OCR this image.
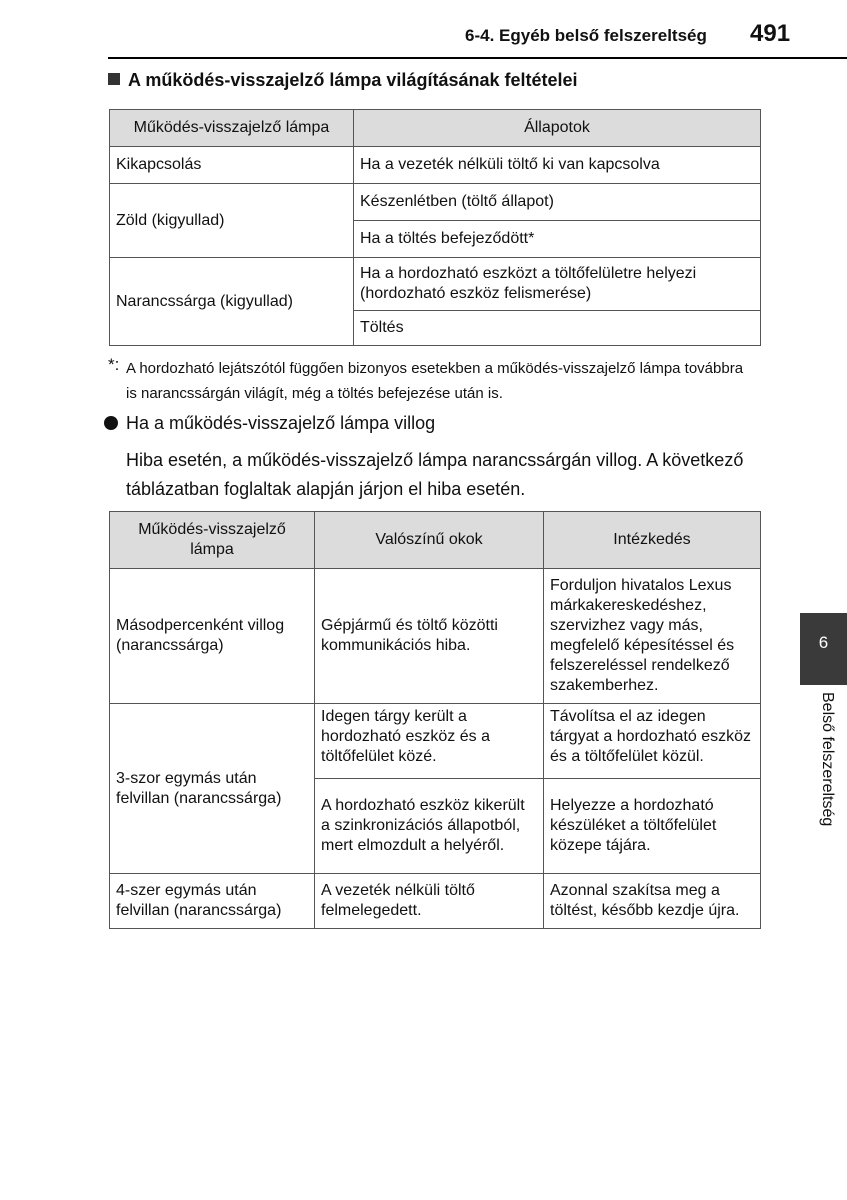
6-4. Egyéb belső felszereltség 491
6
Belső felszereltség
A működés-visszajelző lámpa világításának feltételei
Működés-visszajelző lámpa	Állapotok
Kikapcsolás	Ha a vezeték nélküli töltő ki van kapcsolva
Zöld (kigyullad)	Készenlétben (töltő állapot)
	Ha a töltés befejeződött*
Narancssárga (kigyullad)	Ha a hordozható eszközt a töltőfelületre helyezi (hordozható eszköz felismerése)
	Töltés
*: A hordozható lejátszótól függően bizonyos esetekben a működés-visszajelző lámpa továbbra is narancssárgán világít, még a töltés befejezése után is.
Ha a működés-visszajelző lámpa villog
Hiba esetén, a működés-visszajelző lámpa narancssárgán villog. A következő táblázatban foglaltak alapján járjon el hiba esetén.
Működés-visszajelző lámpa	Valószínű okok	Intézkedés
Másodpercenként villog (narancssárga)	Gépjármű és töltő közötti kommunikációs hiba.	Forduljon hivatalos Lexus márkakereskedéshez, szervizhez vagy más, megfelelő képesítéssel és felszereléssel rendelkező szakemberhez.
3-szor egymás után felvillan (narancssárga)	Idegen tárgy került a hordozható eszköz és a töltőfelület közé.	Távolítsa el az idegen tárgyat a hordozható eszköz és a töltőfelület közül.
	A hordozható eszköz kikerült a szinkronizációs állapotból, mert elmozdult a helyéről.	Helyezze a hordozható készüléket a töltőfelület közepe tájára.
4-szer egymás után felvillan (narancssárga)	A vezeték nélküli töltő felmelegedett.	Azonnal szakítsa meg a töltést, később kezdje újra.
